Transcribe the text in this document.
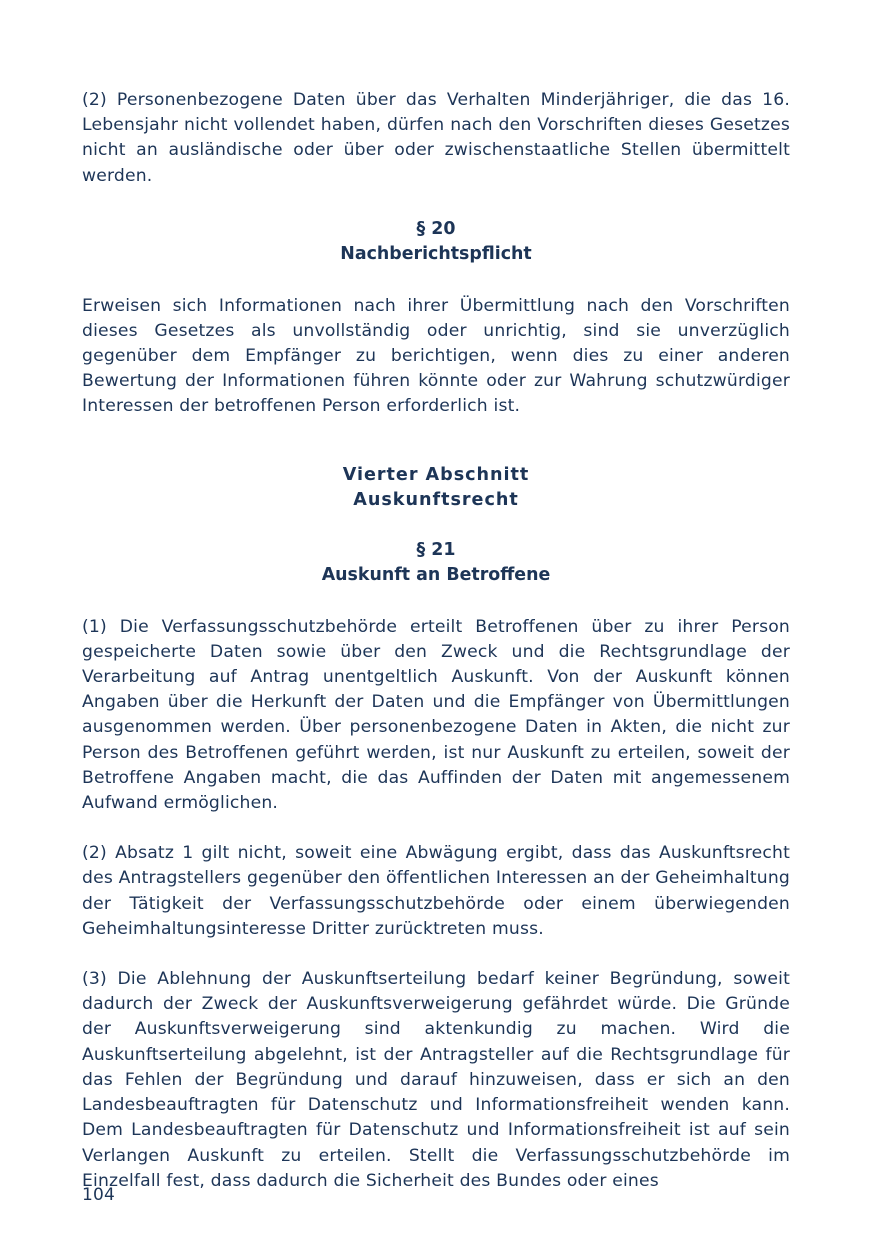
(2) Personenbezogene Daten über das Verhalten Minderjähriger, die das 16. Lebensjahr nicht vollendet haben, dürfen nach den Vorschriften dieses Gesetzes nicht an ausländische oder über oder zwischenstaatliche Stellen übermittelt werden.

§ 20

Nachberichtspflicht

Erweisen sich Informationen nach ihrer Übermittlung nach den Vorschriften dieses Gesetzes als unvollständig oder unrichtig, sind sie unverzüglich gegenüber dem Empfänger zu berichtigen, wenn dies zu einer anderen Bewertung der Informationen führen könnte oder zur Wahrung schutzwürdiger Interessen der betroffenen Person erforderlich ist.

Vierter Abschnitt

Auskunftsrecht

§ 21

Auskunft an Betroffene

(1) Die Verfassungsschutzbehörde erteilt Betroffenen über zu ihrer Person gespeicherte Daten sowie über den Zweck und die Rechtsgrundlage der Verarbeitung auf Antrag unentgeltlich Auskunft. Von der Auskunft können Angaben über die Herkunft der Daten und die Empfänger von Übermittlungen ausgenommen werden. Über personenbezogene Daten in Akten, die nicht zur Person des Betroffenen geführt werden, ist nur Auskunft zu erteilen, soweit der Betroffene Angaben macht, die das Auffinden der Daten mit angemessenem Aufwand ermöglichen.

(2) Absatz 1 gilt nicht, soweit eine Abwägung ergibt, dass das Auskunftsrecht des Antragstellers gegenüber den öffentlichen Interessen an der Geheimhaltung der Tätigkeit der Verfassungsschutzbehörde oder einem überwiegenden Geheimhaltungsinteresse Dritter zurücktreten muss.

(3) Die Ablehnung der Auskunftserteilung bedarf keiner Begründung, soweit dadurch der Zweck der Auskunftsverweigerung gefährdet würde. Die Gründe der Auskunftsverweigerung sind aktenkundig zu machen. Wird die Auskunftserteilung abgelehnt, ist der Antragsteller auf die Rechtsgrundlage für das Fehlen der Begründung und darauf hinzuweisen, dass er sich an den Landesbeauftragten für Datenschutz und Informationsfreiheit wenden kann. Dem Landesbeauftragten für Datenschutz und Informationsfreiheit ist auf sein Verlangen Auskunft zu erteilen. Stellt die Verfassungsschutzbehörde im Einzelfall fest, dass dadurch die Sicherheit des Bundes oder eines

104
